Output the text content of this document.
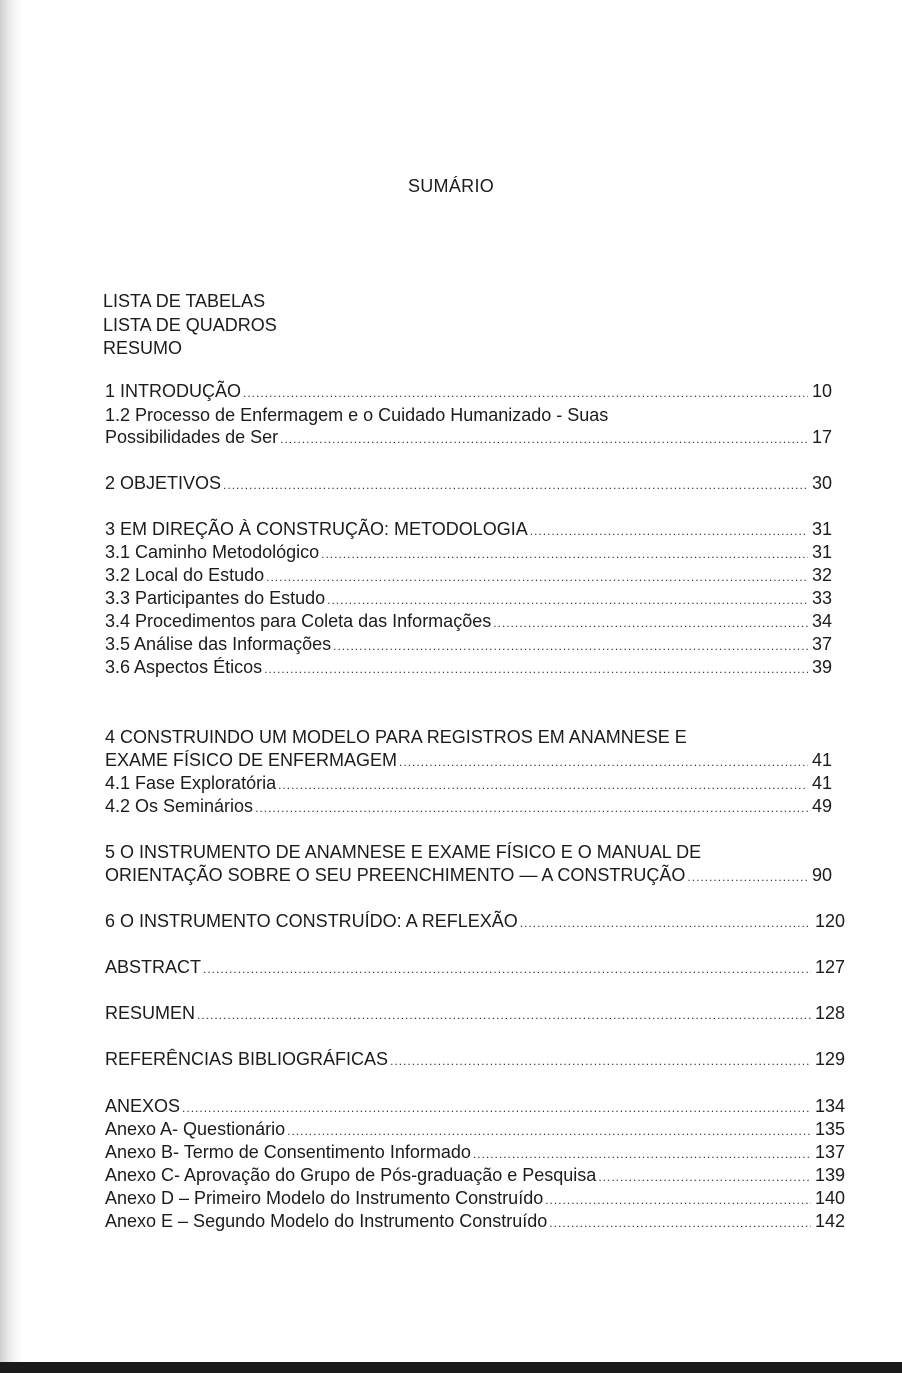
SUMÁRIO
LISTA DE TABELAS
LISTA DE QUADROS
RESUMO
1 INTRODUÇÃO .....	10
1.2 Processo de Enfermagem e o Cuidado Humanizado - Suas
Possibilidades de Ser .....	17
2 OBJETIVOS .....	30
3 EM DIREÇÃO À CONSTRUÇÃO: METODOLOGIA .....	31
3.1 Caminho Metodológico .....	31
3.2 Local do Estudo .....	32
3.3 Participantes do Estudo .....	33
3.4 Procedimentos para Coleta das Informações .....	34
3.5 Análise das Informações .....	37
3.6 Aspectos Éticos .....	39
4 CONSTRUINDO UM MODELO PARA REGISTROS EM ANAMNESE E
EXAME FÍSICO DE ENFERMAGEM .....	41
4.1 Fase Exploratória .....	41
4.2 Os Seminários .....	49
5 O INSTRUMENTO DE ANAMNESE E EXAME FÍSICO E O MANUAL DE
ORIENTAÇÃO SOBRE O SEU PREENCHIMENTO — A CONSTRUÇÃO .....	90
6 O INSTRUMENTO CONSTRUÍDO: A REFLEXÃO .....	120
ABSTRACT .....	127
RESUMEN .....	128
REFERÊNCIAS BIBLIOGRÁFICAS .....	129
ANEXOS .....	134
Anexo A- Questionário .....	135
Anexo B- Termo de Consentimento Informado .....	137
Anexo C- Aprovação do Grupo de Pós-graduação e Pesquisa .....	139
Anexo D – Primeiro Modelo do Instrumento Construído .....	140
Anexo E – Segundo Modelo do Instrumento Construído .....	142
